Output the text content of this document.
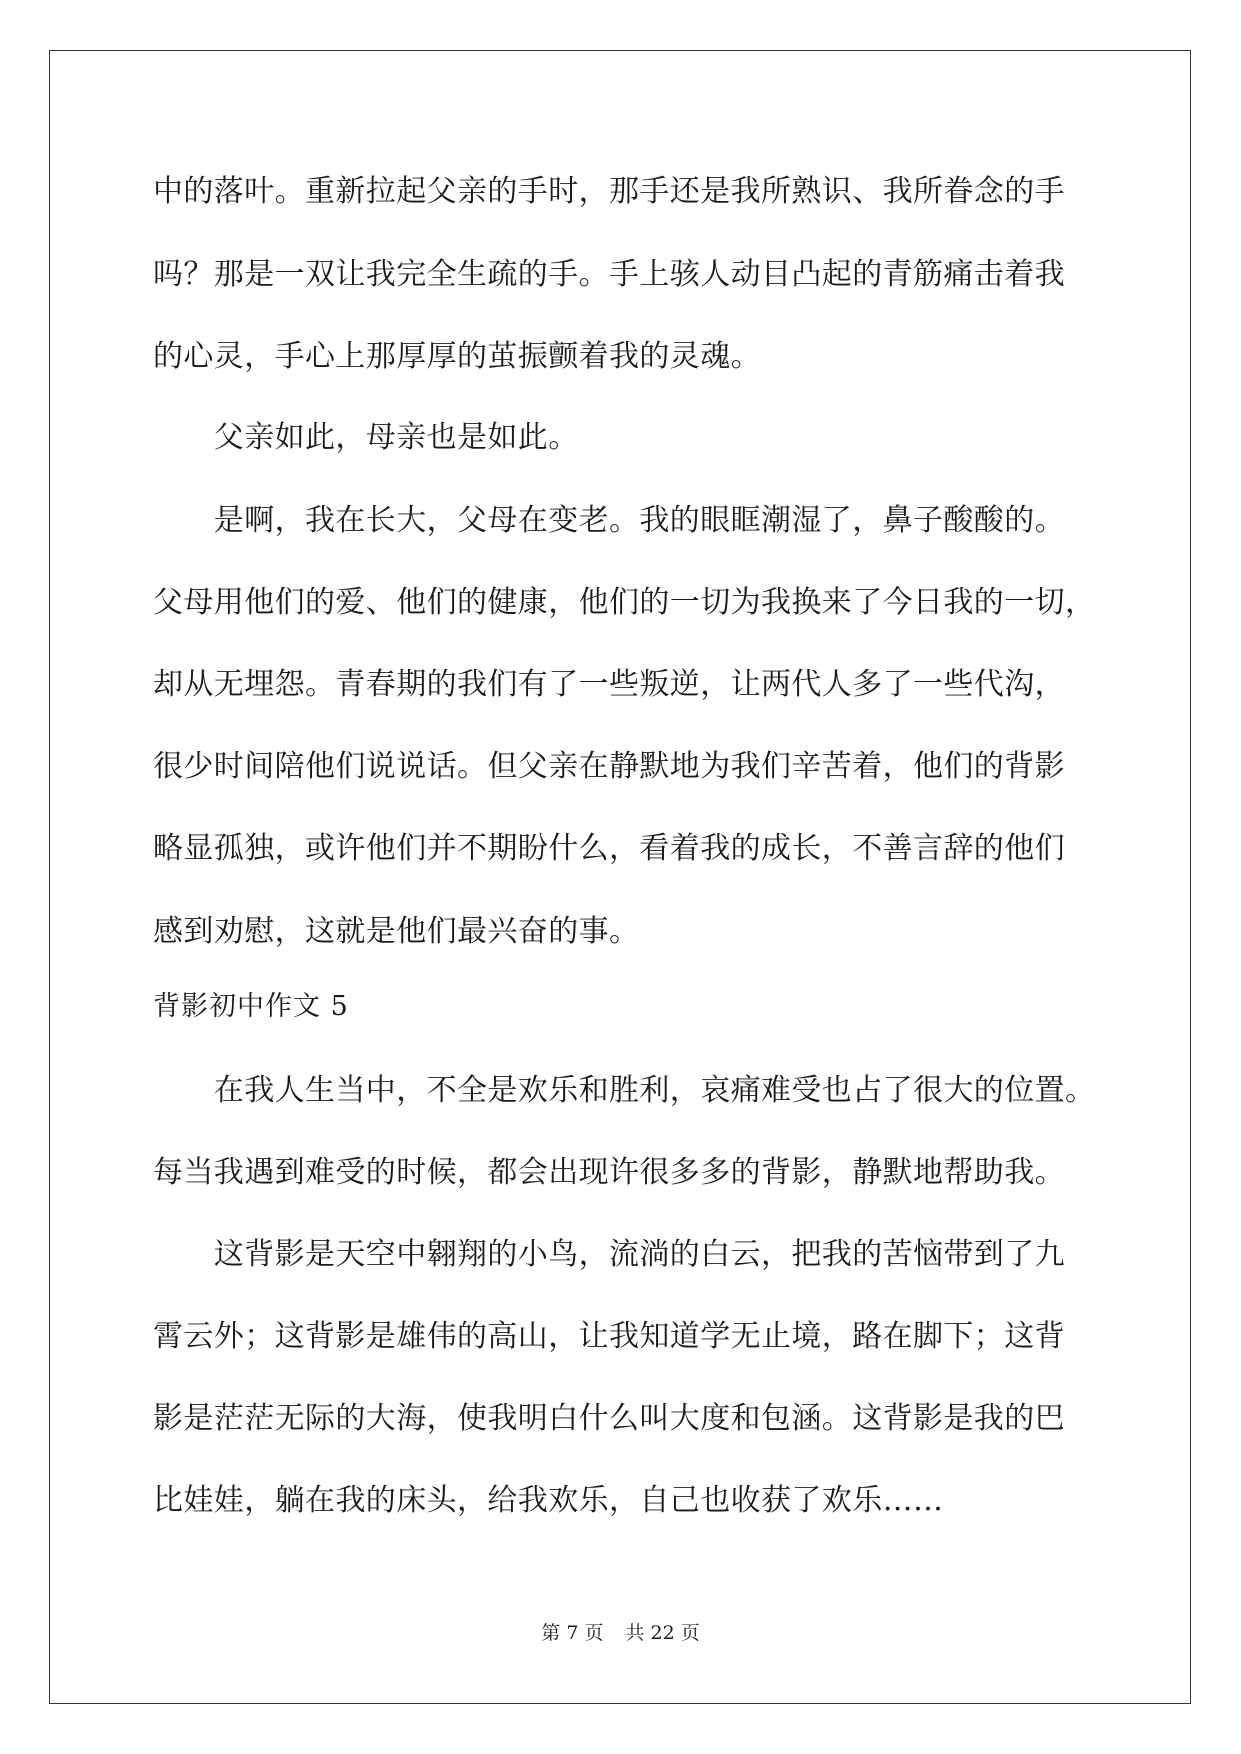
中的落叶。重新拉起父亲的手时，那手还是我所熟识、我所眷念的手
吗？那是一双让我完全生疏的手。手上骇人动目凸起的青筋痛击着我
的心灵，手心上那厚厚的茧振颤着我的灵魂。
　　父亲如此，母亲也是如此。
　　是啊，我在长大，父母在变老。我的眼眶潮湿了，鼻子酸酸的。
父母用他们的爱、他们的健康，他们的一切为我换来了今日我的一切，
却从无埋怨。青春期的我们有了一些叛逆，让两代人多了一些代沟，
很少时间陪他们说说话。但父亲在静默地为我们辛苦着，他们的背影
略显孤独，或许他们并不期盼什么，看着我的成长，不善言辞的他们
感到劝慰，这就是他们最兴奋的事。
背影初中作文 5
　　在我人生当中，不全是欢乐和胜利，哀痛难受也占了很大的位置。
每当我遇到难受的时候，都会出现许很多多的背影，静默地帮助我。
　　这背影是天空中翱翔的小鸟，流淌的白云，把我的苦恼带到了九
霄云外；这背影是雄伟的高山，让我知道学无止境，路在脚下；这背
影是茫茫无际的大海，使我明白什么叫大度和包涵。这背影是我的巴
比娃娃，躺在我的床头，给我欢乐，自己也收获了欢乐……
第 7 页 共 22 页
